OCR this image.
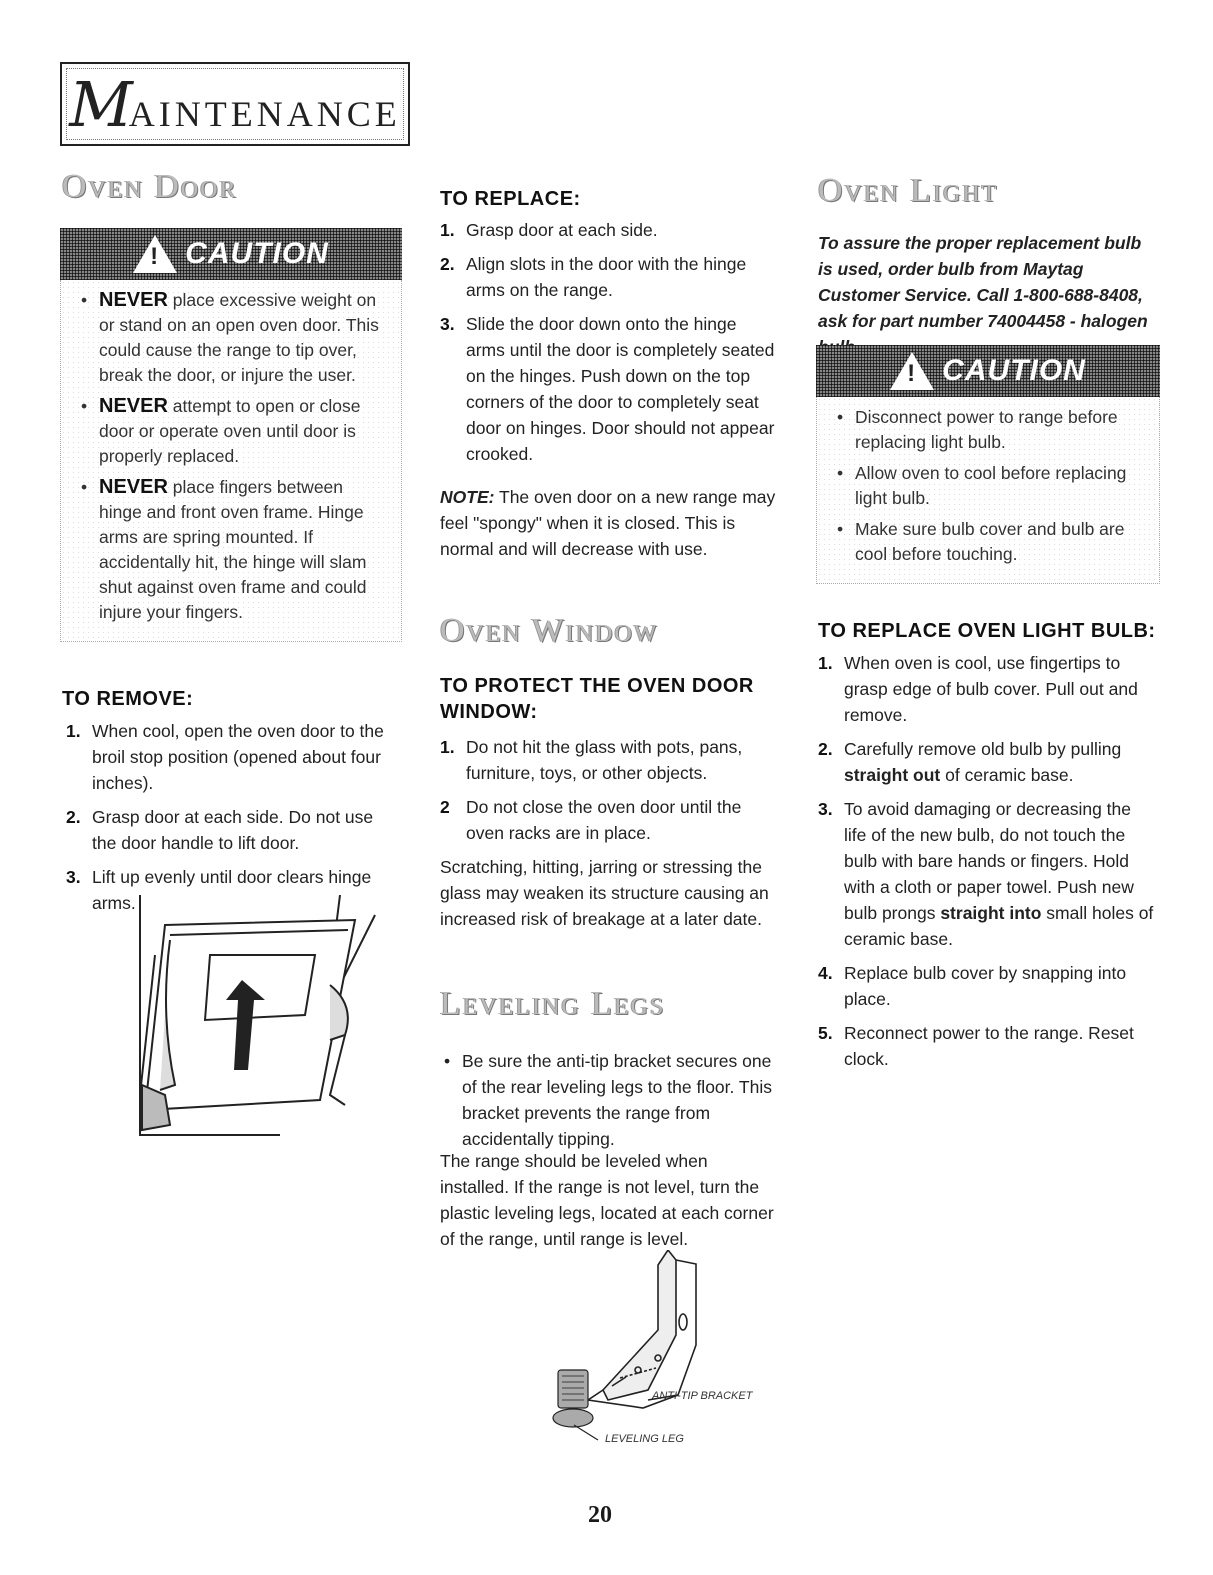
MAINTENANCE
Oven Door
! CAUTION
• NEVER place excessive weight on or stand on an open oven door. This could cause the range to tip over, break the door, or injure the user.
• NEVER attempt to open or close door or operate oven until door is properly replaced.
• NEVER place fingers between hinge and front oven frame. Hinge arms are spring mounted. If accidentally hit, the hinge will slam shut against oven frame and could injure your fingers.
TO REMOVE:
1. When cool, open the oven door to the broil stop position (opened about four inches).
2. Grasp door at each side. Do not use the door handle to lift door.
3. Lift up evenly until door clears hinge arms.
TO REPLACE:
1. Grasp door at each side.
2. Align slots in the door with the hinge arms on the range.
3. Slide the door down onto the hinge arms until the door is completely seated on the hinges. Push down on the top corners of the door to completely seat door on hinges. Door should not appear crooked.
NOTE: The oven door on a new range may feel "spongy" when it is closed. This is normal and will decrease with use.
Oven Window
TO PROTECT THE OVEN DOOR WINDOW:
1. Do not hit the glass with pots, pans, furniture, toys, or other objects.
2 Do not close the oven door until the oven racks are in place.
Scratching, hitting, jarring or stressing the glass may weaken its structure causing an increased risk of breakage at a later date.
Leveling Legs
• Be sure the anti-tip bracket secures one of the rear leveling legs to the floor. This bracket prevents the range from accidentally tipping.
The range should be leveled when installed. If the range is not level, turn the plastic leveling legs, located at each corner of the range, until range is level.
ANTI-TIP BRACKET
LEVELING LEG
Oven Light
To assure the proper replacement bulb is used, order bulb from Maytag Customer Service. Call 1-800-688-8408, ask for part number 74004458 - halogen
! CAUTION
• Disconnect power to range before replacing light bulb.
• Allow oven to cool before replacing light bulb.
• Make sure bulb cover and bulb are cool before touching.
TO REPLACE OVEN LIGHT BULB:
1. When oven is cool, use fingertips to grasp edge of bulb cover. Pull out and remove.
2. Carefully remove old bulb by pulling straight out of ceramic base.
3. To avoid damaging or decreasing the life of the new bulb, do not touch the bulb with bare hands or fingers. Hold with a cloth or paper towel. Push new bulb prongs straight into small holes of ceramic base.
4. Replace bulb cover by snapping into place.
5. Reconnect power to the range. Reset clock.
20
